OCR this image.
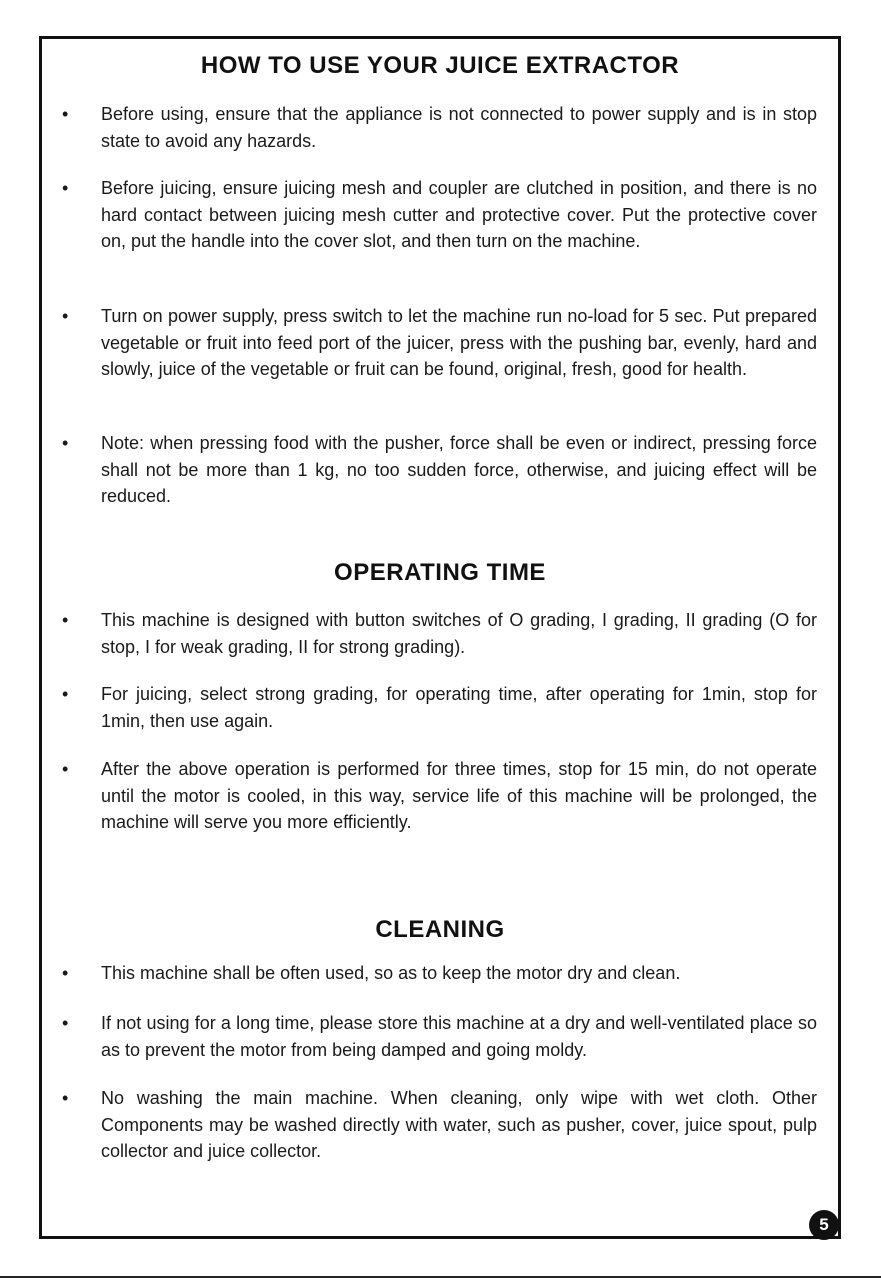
HOW TO USE YOUR JUICE EXTRACTOR
•	Before using, ensure that the appliance is not connected to power supply and is in stop state to avoid any hazards.
•	Before juicing, ensure juicing mesh and coupler are clutched in position, and there is no hard contact between juicing mesh cutter and protective cover. Put the protective cover on, put the handle into the cover slot, and then turn on the machine.
•	Turn on power supply, press switch to let the machine run no-load for 5 sec. Put prepared vegetable or fruit into feed port of the juicer, press with the pushing bar, evenly, hard and slowly, juice of the vegetable or fruit can be found, original, fresh, good for health.
•	Note: when pressing food with the pusher, force shall be even or indirect, pressing force shall not be more than 1 kg, no too sudden force, otherwise, and juicing effect will be reduced.
OPERATING TIME
•	This machine is designed with button switches of O grading, I grading, II grading (O for stop, I for weak grading, II for strong grading).
•	For juicing, select strong grading, for operating time, after operating for 1min, stop for 1min, then use again.
•	After the above operation is performed for three times, stop for 15 min, do not operate until the motor is cooled, in this way, service life of this machine will be prolonged, the machine will serve you more efficiently.
CLEANING
•	This machine shall be often used, so as to keep the motor dry and clean.
•	If not using for a long time, please store this machine at a dry and well-ventilated place so as to prevent the motor from being damped and going moldy.
•	No washing the main machine. When cleaning, only wipe with wet cloth. Other Components may be washed directly with water, such as pusher, cover, juice spout, pulp collector and juice collector.
5
